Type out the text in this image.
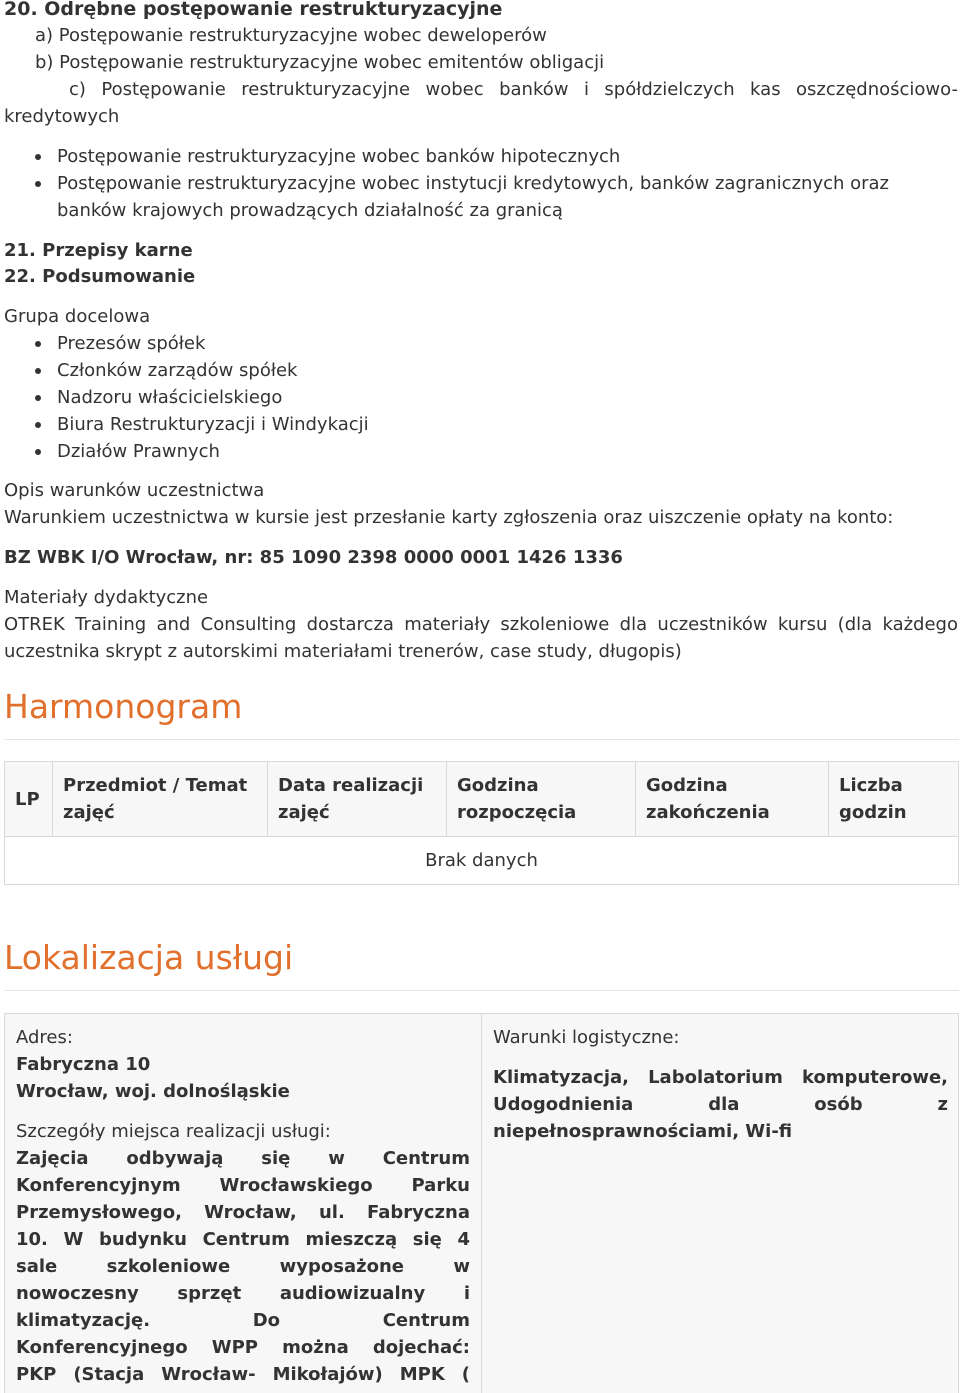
20. Odrębne postępowanie restrukturyzacyjne
a) Postępowanie restrukturyzacyjne wobec deweloperów
b) Postępowanie restrukturyzacyjne wobec emitentów obligacji
c) Postępowanie restrukturyzacyjne wobec banków i spółdzielczych kas oszczędnościowo-
kredytowych
Postępowanie restrukturyzacyjne wobec banków hipotecznych
Postępowanie restrukturyzacyjne wobec instytucji kredytowych, banków zagranicznych oraz
banków krajowych prowadzących działalność za granicą
21. Przepisy karne
22. Podsumowanie
Grupa docelowa
Prezesów spółek
Członków zarządów spółek
Nadzoru właścicielskiego
Biura Restrukturyzacji i Windykacji
Działów Prawnych
Opis warunków uczestnictwa
Warunkiem uczestnictwa w kursie jest przesłanie karty zgłoszenia oraz uiszczenie opłaty na konto:
BZ WBK I/O Wrocław, nr: 85 1090 2398 0000 0001 1426 1336
Materiały dydaktyczne
OTREK Training and Consulting dostarcza materiały szkoleniowe dla uczestników kursu (dla każdego
uczestnika skrypt z autorskimi materiałami trenerów, case study, długopis)
Harmonogram
LP	Przedmiot / Temat zajęć	Data realizacji zajęć	Godzina rozpoczęcia	Godzina zakończenia	Liczba godzin
Brak danych
Lokalizacja usługi
Adres:
Fabryczna 10
Wrocław, woj. dolnośląskie
Szczegóły miejsca realizacji usługi:
Zajęcia odbywają się w Centrum
Konferencyjnym Wrocławskiego Parku
Przemysłowego, Wrocław, ul. Fabryczna
10. W budynku Centrum mieszczą się 4
sale szkoleniowe wyposażone w
nowoczesny sprzęt audiowizualny i
klimatyzację. Do Centrum
Konferencyjnego WPP można dojechać:
PKP (Stacja Wrocław- Mikołajów) MPK (
Warunki logistyczne:
Klimatyzacja, Labolatorium komputerowe,
Udogodnienia dla osób z
niepełnosprawnościami, Wi-fi
